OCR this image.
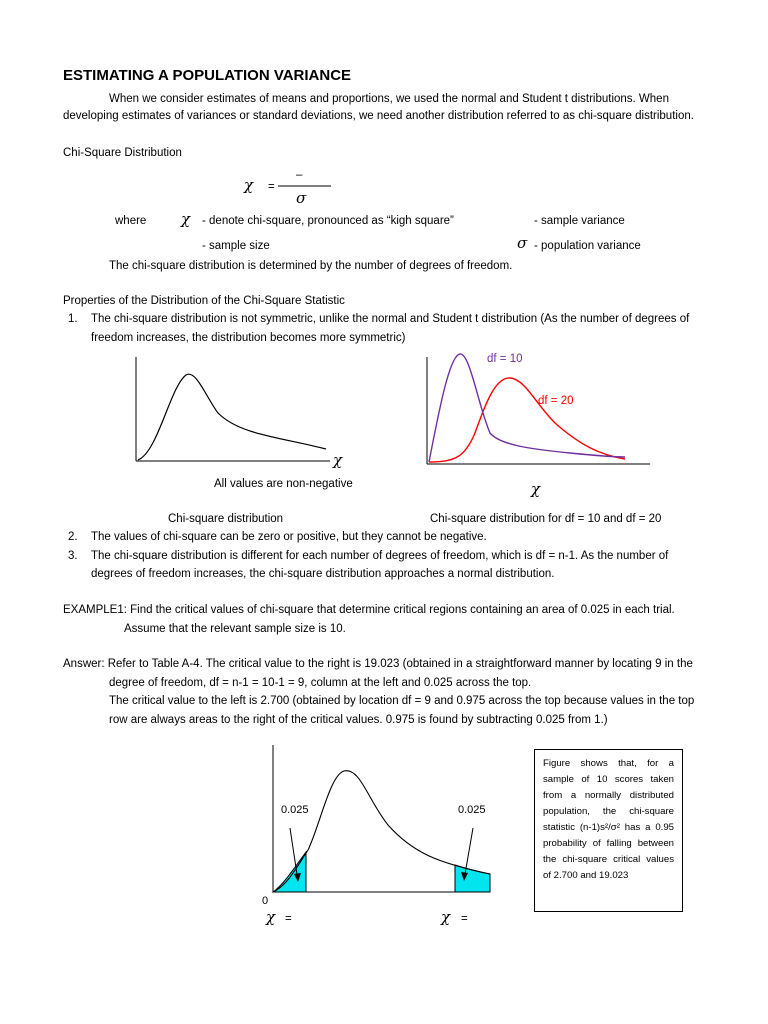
ESTIMATING A POPULATION VARIANCE
When we consider estimates of means and proportions, we used the normal and Student t distributions. When
developing estimates of variances or standard deviations, we need another distribution referred to as chi-square distribution.
Chi-Square Distribution
χ =
–
σ
where χ - denote chi-square, pronounced as “kigh square”	- sample variance
- sample size	σ - population variance
The chi-square distribution is determined by the number of degrees of freedom.
Properties of the Distribution of the Chi-Square Statistic
1. The chi-square distribution is not symmetric, unlike the normal and Student t distribution (As the number of degrees of
freedom increases, the distribution becomes more symmetric)
χ
All values are non-negative
Chi-square distribution
df = 10
df = 20
χ
Chi-square distribution for df = 10 and df = 20
2. The values of chi-square can be zero or positive, but they cannot be negative.
3. The chi-square distribution is different for each number of degrees of freedom, which is df = n-1. As the number of
degrees of freedom increases, the chi-square distribution approaches a normal distribution.
EXAMPLE1: Find the critical values of chi-square that determine critical regions containing an area of 0.025 in each trial.
Assume that the relevant sample size is 10.
Answer: Refer to Table A-4. The critical value to the right is 19.023 (obtained in a straightforward manner by locating 9 in the
degree of freedom, df = n-1 = 10-1 = 9, column at the left and 0.025 across the top.
The critical value to the left is 2.700 (obtained by location df = 9 and 0.975 across the top because values in the top
row are always areas to the right of the critical values. 0.975 is found by subtracting 0.025 from 1.)
0.025	0.025
0
χ =	χ =
Figure shows that, for a sample of 10 scores taken from a normally distributed population, the chi-square statistic (n-1)s²/σ² has a 0.95 probability of falling between the chi-square critical values of 2.700 and 19.023
